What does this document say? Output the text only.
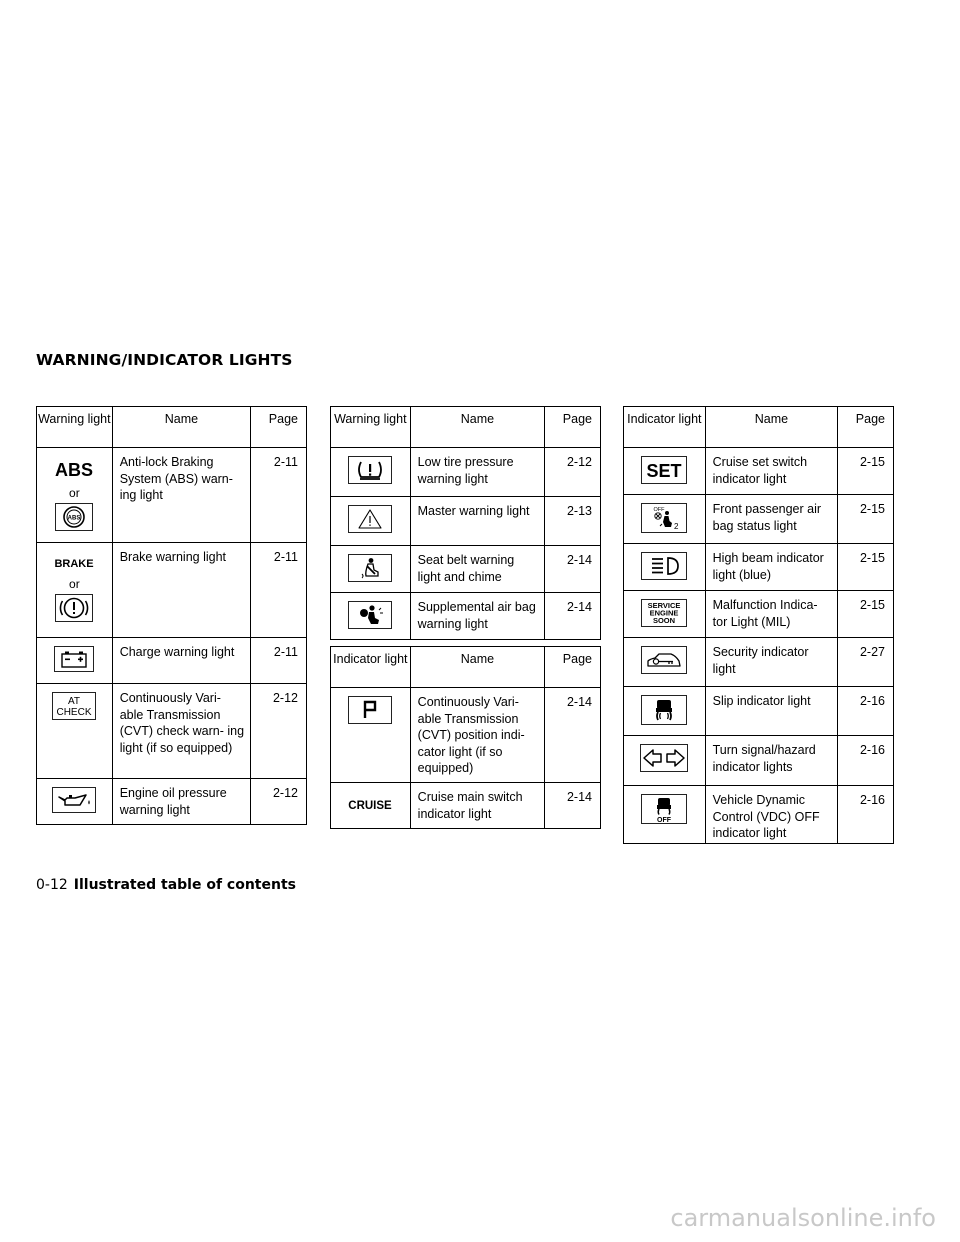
WARNING/INDICATOR LIGHTS
Warning light	Name	Page

ABS
or
ABS	Anti-lock Braking System (ABS) warn- ing light	2-11

BRAKE
or	Brake warning light	2-11

	Charge warning light	2-11

AT
CHECK	Continuously Vari- able Transmission (CVT) check warn- ing light (if so equipped)	2-12

	Engine oil pressure warning light	2-12
Warning light	Name	Page

	Low tire pressure warning light	2-12

	Master warning light	2-13

	Seat belt warning light and chime	2-14

	Supplemental air bag warning light	2-14
Indicator light	Name	Page

	Continuously Vari- able Transmission (CVT) position indi- cator light (if so equipped)	2-14

CRUISE	Cruise main switch indicator light	2-14
Indicator light	Name	Page

SET	Cruise set switch indicator light	2-15

OFF
2	Front passenger air bag status light	2-15

	High beam indicator light (blue)	2-15

SERVICE
ENGINE
SOON	Malfunction Indica- tor Light (MIL)	2-15

	Security indicator light	2-27

	Slip indicator light	2-16

	Turn signal/hazard indicator lights	2-16

OFF	Vehicle Dynamic Control (VDC) OFF indicator light	2-16
0-12 Illustrated table of contents
carmanualsonline.info
